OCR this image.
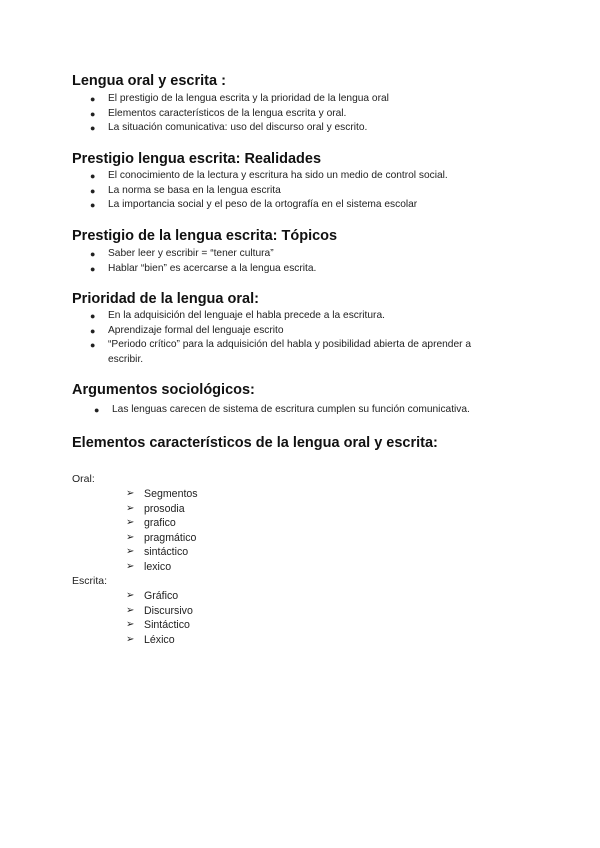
Lengua oral y escrita :
● El prestigio de la lengua escrita y la prioridad de la lengua oral
● Elementos característicos de la lengua escrita y oral.
● La situación comunicativa: uso del discurso oral y escrito.
Prestigio lengua escrita: Realidades
● El conocimiento de la lectura y escritura ha sido un medio de control social.
● La norma se basa en la lengua escrita
● La importancia social y el peso de la ortografía en el sistema escolar
Prestigio de la lengua escrita: Tópicos
● Saber leer y escribir = “tener cultura”
● Hablar “bien” es acercarse a la lengua escrita.
Prioridad de la lengua oral:
● En la adquisición del lenguaje el habla precede a la escritura.
● Aprendizaje formal del lenguaje escrito
● “Periodo crítico” para la adquisición del habla y posibilidad abierta de aprender a escribir.
Argumentos sociológicos:
● Las lenguas carecen de sistema de escritura cumplen su función comunicativa.
Elementos característicos de la lengua oral y escrita:

Oral:

➢ Segmentos
➢ prosodia
➢ grafico
➢ pragmático
➢ sintáctico
➢ lexico

Escrita:

➢ Gráfico
➢ Discursivo
➢ Sintáctico
➢ Léxico
